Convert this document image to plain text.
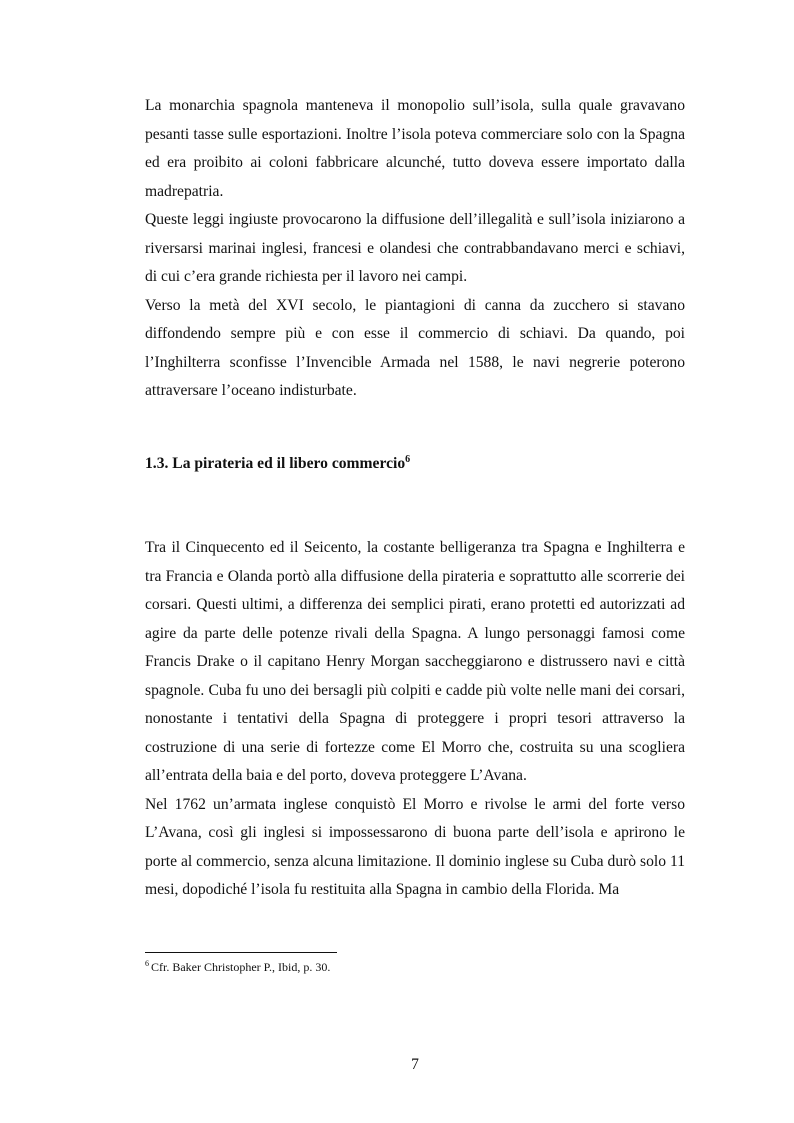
La monarchia spagnola manteneva il monopolio sull’isola, sulla quale gravavano pesanti tasse sulle esportazioni. Inoltre l’isola poteva commerciare solo con la Spagna ed era proibito ai coloni fabbricare alcunché, tutto doveva essere importato dalla madrepatria.

Queste leggi ingiuste provocarono la diffusione dell’illegalità e sull’isola iniziarono a riversarsi marinai inglesi, francesi e olandesi che contrabbandavano merci e schiavi, di cui c’era grande richiesta per il lavoro nei campi.

Verso la metà del XVI secolo, le piantagioni di canna da zucchero si stavano diffondendo sempre più e con esse il commercio di schiavi. Da quando, poi l’Inghilterra sconfisse l’Invencible Armada nel 1588, le navi negrerie poterono attraversare l’oceano indisturbate.

1.3. La pirateria ed il libero commercio$^6$

Tra il Cinquecento ed il Seicento, la costante belligeranza tra Spagna e Inghilterra e tra Francia e Olanda portò alla diffusione della pirateria e soprattutto alle scorrerie dei corsari. Questi ultimi, a differenza dei semplici pirati, erano protetti ed autorizzati ad agire da parte delle potenze rivali della Spagna. A lungo personaggi famosi come Francis Drake o il capitano Henry Morgan saccheggiarono e distrussero navi e città spagnole. Cuba fu uno dei bersagli più colpiti e cadde più volte nelle mani dei corsari, nonostante i tentativi della Spagna di proteggere i propri tesori attraverso la costruzione di una serie di fortezze come El Morro che, costruita su una scogliera all’entrata della baia e del porto, doveva proteggere L’Avana.

Nel 1762 un’armata inglese conquistò El Morro e rivolse le armi del forte verso L’Avana, così gli inglesi si impossessarono di buona parte dell’isola e aprirono le porte al commercio, senza alcuna limitazione. Il dominio inglese su Cuba durò solo 11 mesi, dopodiché l’isola fu restituita alla Spagna in cambio della Florida. Ma

$^6$ Cfr. Baker Christopher P., Ibid, p. 30.

7
